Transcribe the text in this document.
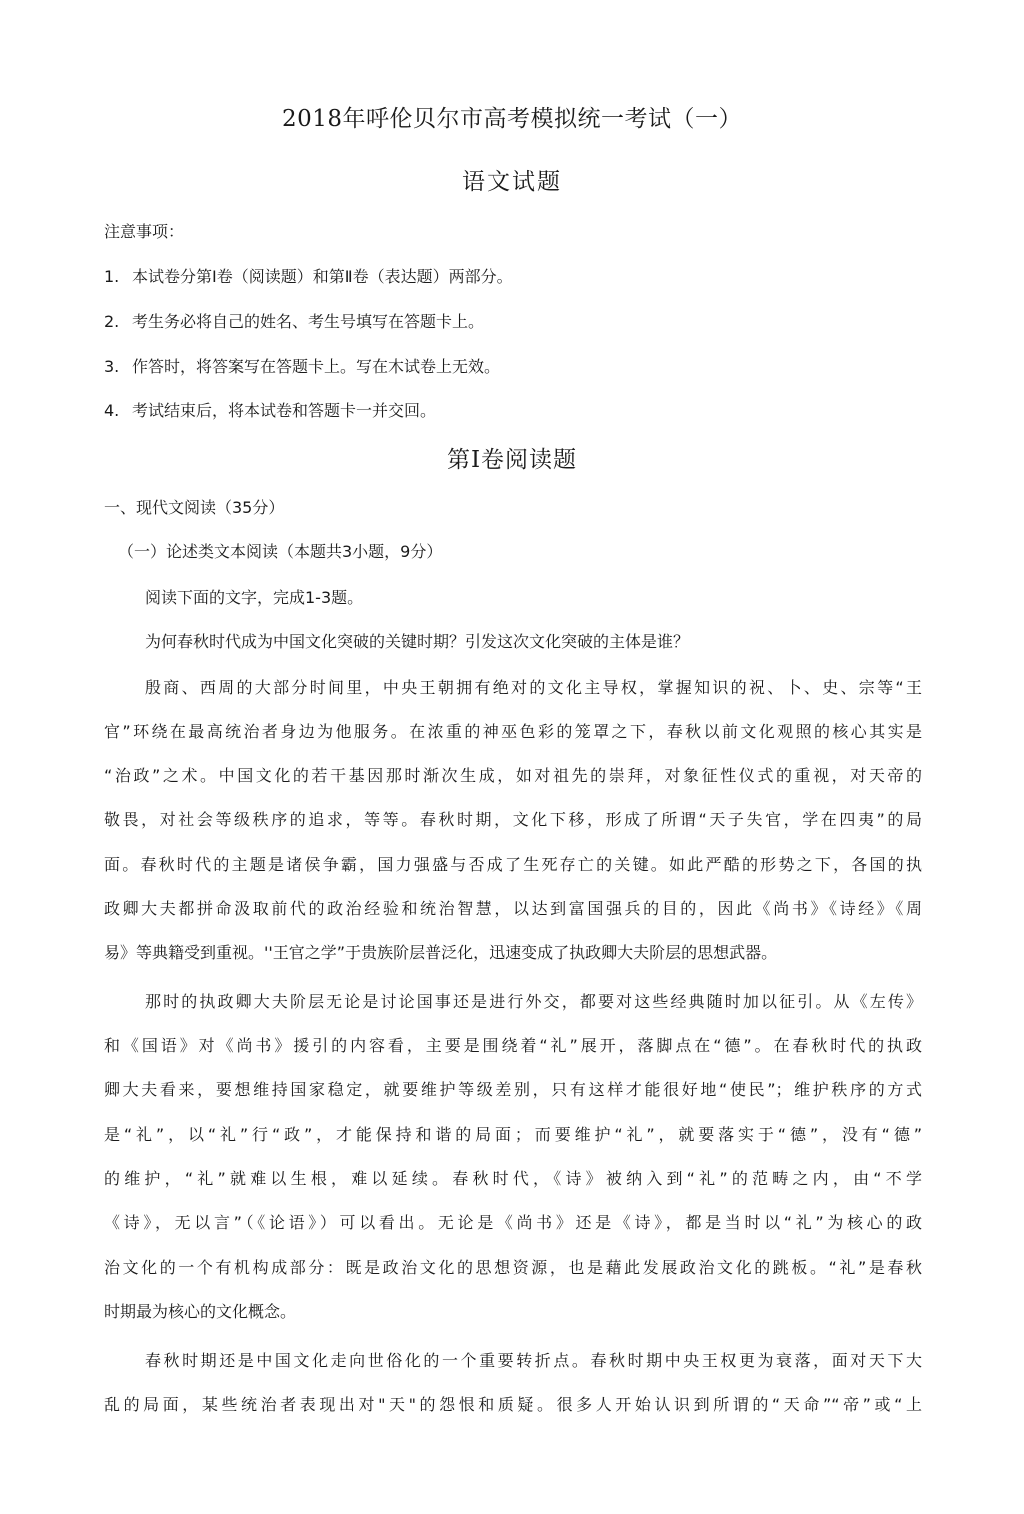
2018年呼伦贝尔市高考模拟统一考试（一）
语文试题
注意事项：
1. 本试卷分第Ⅰ卷（阅读题）和第Ⅱ卷（表达题）两部分。
2. 考生务必将自己的姓名、考生号填写在答题卡上。
3. 作答时，将答案写在答题卡上。写在木试卷上无效。
4. 考试结束后，将本试卷和答题卡一并交回。
第Ⅰ卷阅读题
一、现代文阅读（35分）
（一）论述类文本阅读（本题共3小题，9分）
阅读下面的文字，完成1-3题。
为何春秋时代成为中国文化突破的关键时期？引发这次文化突破的主体是谁？
殷商、西周的大部分时间里，中央王朝拥有绝对的文化主导权，掌握知识的祝、卜、史、宗等“王
官”环绕在最高统治者身边为他服务。在浓重的神巫色彩的笼罩之下，春秋以前文化观照的核心其实是
“治政”之术。中国文化的若干基因那时渐次生成，如对祖先的崇拜，对象征性仪式的重视，对天帝的
敬畏，对社会等级秩序的追求，等等。春秋时期，文化下移，形成了所谓“天子失官，学在四夷”的局
面。春秋时代的主题是诸侯争霸，国力强盛与否成了生死存亡的关键。如此严酷的形势之下，各国的执
政卿大夫都拼命汲取前代的政治经验和统治智慧，以达到富国强兵的目的，因此《尚书》《诗经》《周
易》等典籍受到重视。''王官之学”于贵族阶层普泛化，迅速变成了执政卿大夫阶层的思想武器。
那时的执政卿大夫阶层无论是讨论国事还是进行外交，都要对这些经典随时加以征引。从《左传》
和《国语》对《尚书》援引的内容看，主要是围绕着“礼”展开，落脚点在“德”。在春秋时代的执政
卿大夫看来，要想维持国家稳定，就要维护等级差别，只有这样才能很好地“使民”；维护秩序的方式
是“礼”，以“礼”行“政”，才能保持和谐的局面；而要维护“礼”，就要落实于“德”，没有“德”
的维护，“礼”就难以生根，难以延续。春秋时代，《诗》被纳入到“礼”的范畴之内，由“不学
《诗》，无以言”（《论语》）可以看出。无论是《尚书》还是《诗》，都是当时以“礼”为核心的政
治文化的一个有机构成部分：既是政治文化的思想资源，也是藉此发展政治文化的跳板。“礼”是春秋
时期最为核心的文化概念。
春秋时期还是中国文化走向世俗化的一个重要转折点。春秋时期中央王权更为衰落，面对天下大
乱的局面，某些统治者表现出对"天"的怨恨和质疑。很多人开始认识到所谓的“天命”“帝”或“上
